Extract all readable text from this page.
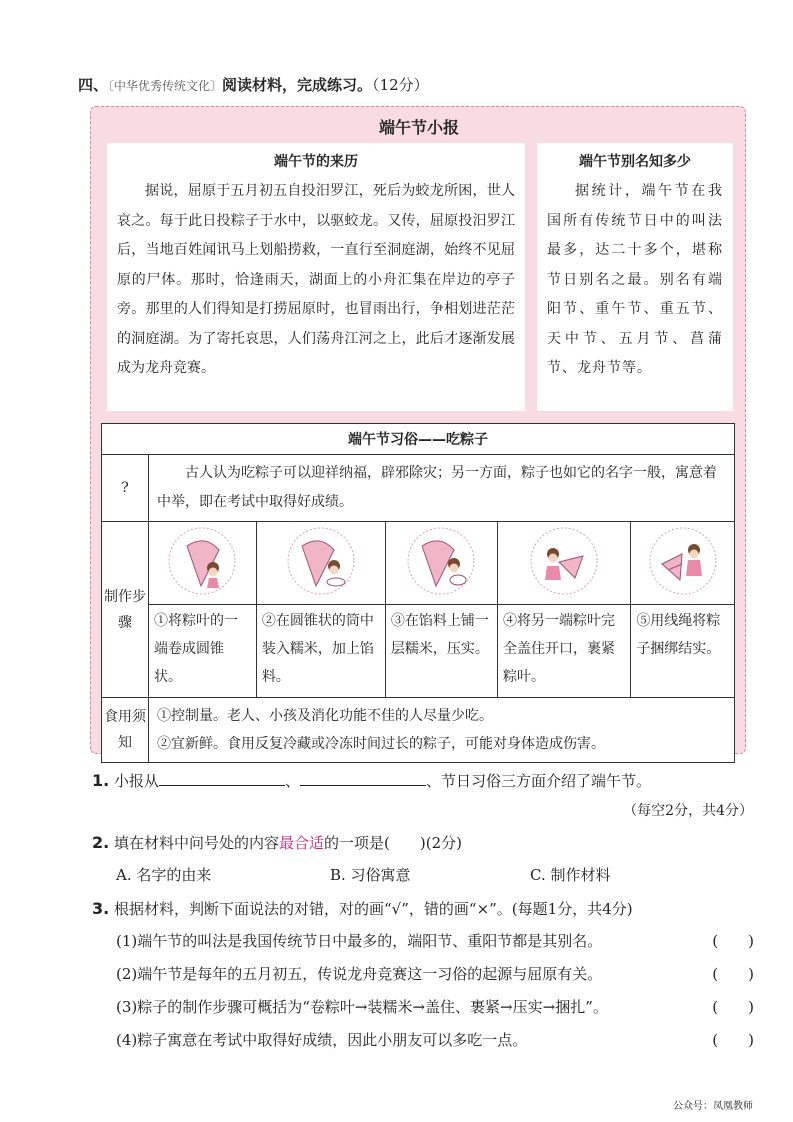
四、〔中华优秀传统文化〕阅读材料，完成练习。（12分）
端午节小报
端午节的来历

据说，屈原于五月初五自投汨罗江，死后为蛟龙所困，世人哀之。每于此日投粽子于水中，以驱蛟龙。又传，屈原投汨罗江后，当地百姓闻讯马上划船捞救，一直行至洞庭湖，始终不见屈原的尸体。那时，恰逢雨天，湖面上的小舟汇集在岸边的亭子旁。那里的人们得知是打捞屈原时，也冒雨出行，争相划进茫茫的洞庭湖。为了寄托哀思，人们荡舟江河之上，此后才逐渐发展成为龙舟竞赛。

端午节别名知多少

据统计，端午节在我国所有传统节日中的叫法最多，达二十多个，堪称节日别名之最。别名有端阳节、重午节、重五节、天中节、五月节、菖蒲节、龙舟节等。

端午节习俗——吃粽子					
?	古人认为吃粽子可以迎祥纳福，辟邪除灾；另一方面，粽子也如它的名字一般，寓意着中举，即在考试中取得好成绩。				
制作步骤					
	①将粽叶的一端卷成圆锥状。	②在圆锥状的筒中装入糯米，加上馅料。	③在馅料上铺一层糯米，压实。	④将另一端粽叶完全盖住开口，裹紧粽叶。	⑤用线绳将粽子捆绑结实。
食用须知	①控制量。老人、小孩及消化功能不佳的人尽量少吃。
②宜新鲜。食用反复冷藏或冷冻时间过长的粽子，可能对身体造成伤害。				
1. 小报从	、	、节日习俗三方面介绍了端午节。
（每空2分，共4分）
2. 填在材料中问号处的内容最合适的一项是(　　)(2分)
A. 名字的由来	B. 习俗寓意	C. 制作材料
3. 根据材料，判断下面说法的对错，对的画“√”，错的画“×”。(每题1分，共4分)
(1)端午节的叫法是我国传统节日中最多的，端阳节、重阳节都是其别名。	(　　)
(2)端午节是每年的五月初五，传说龙舟竞赛这一习俗的起源与屈原有关。	(　　)
(3)粽子的制作步骤可概括为“卷粽叶→装糯米→盖住、裹紧→压实→捆扎”。	(　　)
(4)粽子寓意在考试中取得好成绩，因此小朋友可以多吃一点。	(　　)
公众号：凤凰教师
